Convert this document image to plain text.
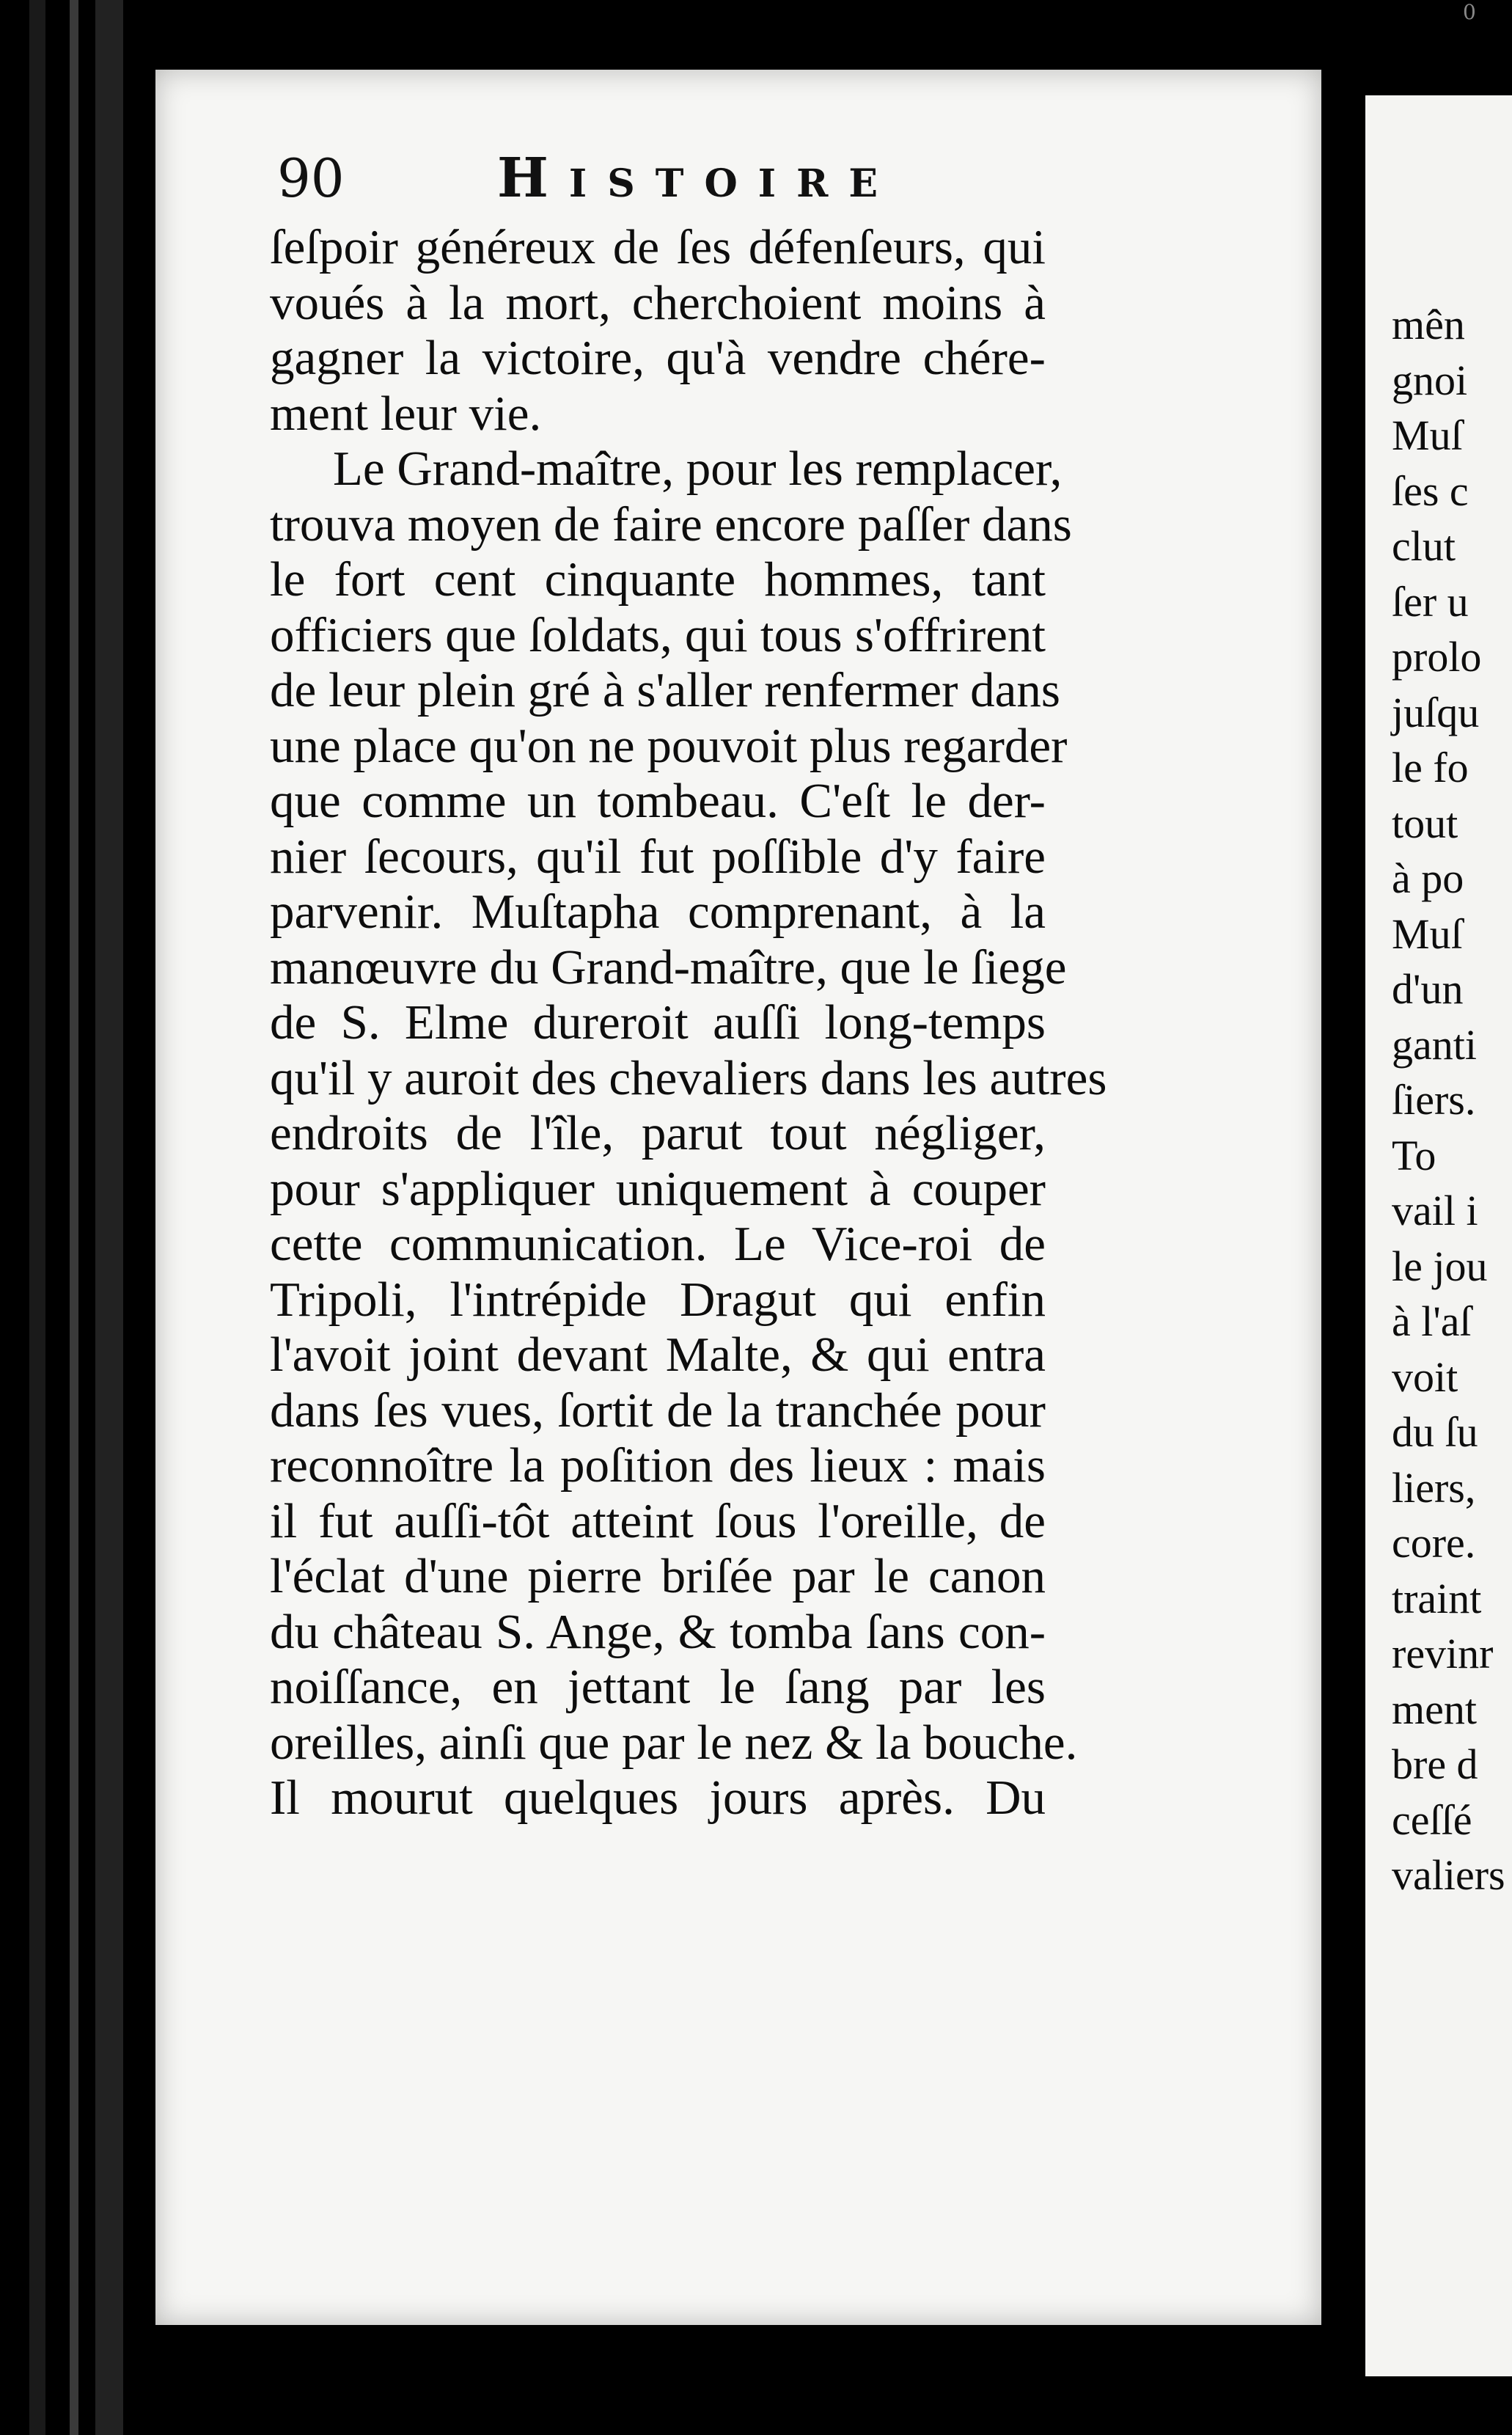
0
90	Histoire
ſeſpoir généreux de ſes défenſeurs, qui
voués à la mort, cherchoient moins à
gagner la victoire, qu'à vendre chére-
ment leur vie.
Le Grand-maître, pour les remplacer,
trouva moyen de faire encore paſſer dans
le fort cent cinquante hommes, tant
officiers que ſoldats, qui tous s'offrirent
de leur plein gré à s'aller renfermer dans
une place qu'on ne pouvoit plus regarder
que comme un tombeau. C'eſt le der-
nier ſecours, qu'il fut poſſible d'y faire
parvenir. Muſtapha comprenant, à la
manœuvre du Grand-maître, que le ſiege
de S. Elme dureroit auſſi long-temps
qu'il y auroit des chevaliers dans les autres
endroits de l'île, parut tout négliger,
pour s'appliquer uniquement à couper
cette communication. Le Vice-roi de
Tripoli, l'intrépide Dragut qui enfin
l'avoit joint devant Malte, & qui entra
dans ſes vues, ſortit de la tranchée pour
reconnoître la poſition des lieux : mais
il fut auſſi-tôt atteint ſous l'oreille, de
l'éclat d'une pierre briſée par le canon
du château S. Ange, & tomba ſans con-
noiſſance, en jettant le ſang par les
oreilles, ainſi que par le nez & la bouche.
Il mourut quelques jours après. Du
mên
gnoi
Muſ
ſes c
clut
ſer u
prolo
juſqu
le fo
tout
à po
Muſ
d'un
ganti
ſiers.
To
vail i
le jou
à l'aſ
voit
du ſu
liers,
core.
traint
revinr
ment
bre d
ceſſé
valiers
